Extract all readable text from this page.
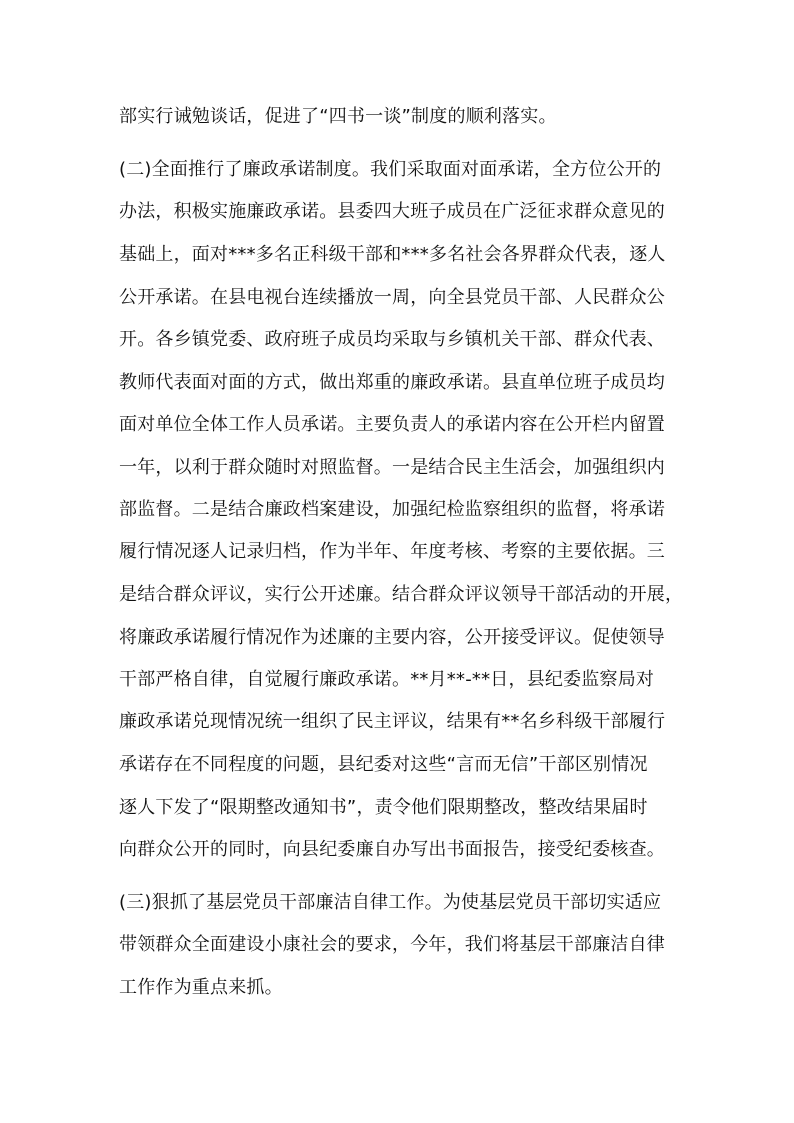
部实行诫勉谈话，促进了“四书一谈”制度的顺利落实。
(二)全面推行了廉政承诺制度。我们采取面对面承诺，全方位公开的
办法，积极实施廉政承诺。县委四大班子成员在广泛征求群众意见的
基础上，面对***多名正科级干部和***多名社会各界群众代表，逐人
公开承诺。在县电视台连续播放一周，向全县党员干部、人民群众公
开。各乡镇党委、政府班子成员均采取与乡镇机关干部、群众代表、
教师代表面对面的方式，做出郑重的廉政承诺。县直单位班子成员均
面对单位全体工作人员承诺。主要负责人的承诺内容在公开栏内留置
一年，以利于群众随时对照监督。一是结合民主生活会，加强组织内
部监督。二是结合廉政档案建设，加强纪检监察组织的监督，将承诺
履行情况逐人记录归档，作为半年、年度考核、考察的主要依据。三
是结合群众评议，实行公开述廉。结合群众评议领导干部活动的开展，
将廉政承诺履行情况作为述廉的主要内容，公开接受评议。促使领导
干部严格自律，自觉履行廉政承诺。**月**-**日，县纪委监察局对
廉政承诺兑现情况统一组织了民主评议，结果有**名乡科级干部履行
承诺存在不同程度的问题，县纪委对这些“言而无信”干部区别情况
逐人下发了“限期整改通知书”，责令他们限期整改，整改结果届时
向群众公开的同时，向县纪委廉自办写出书面报告，接受纪委核查。
(三)狠抓了基层党员干部廉洁自律工作。为使基层党员干部切实适应
带领群众全面建设小康社会的要求，今年，我们将基层干部廉洁自律
工作作为重点来抓。
